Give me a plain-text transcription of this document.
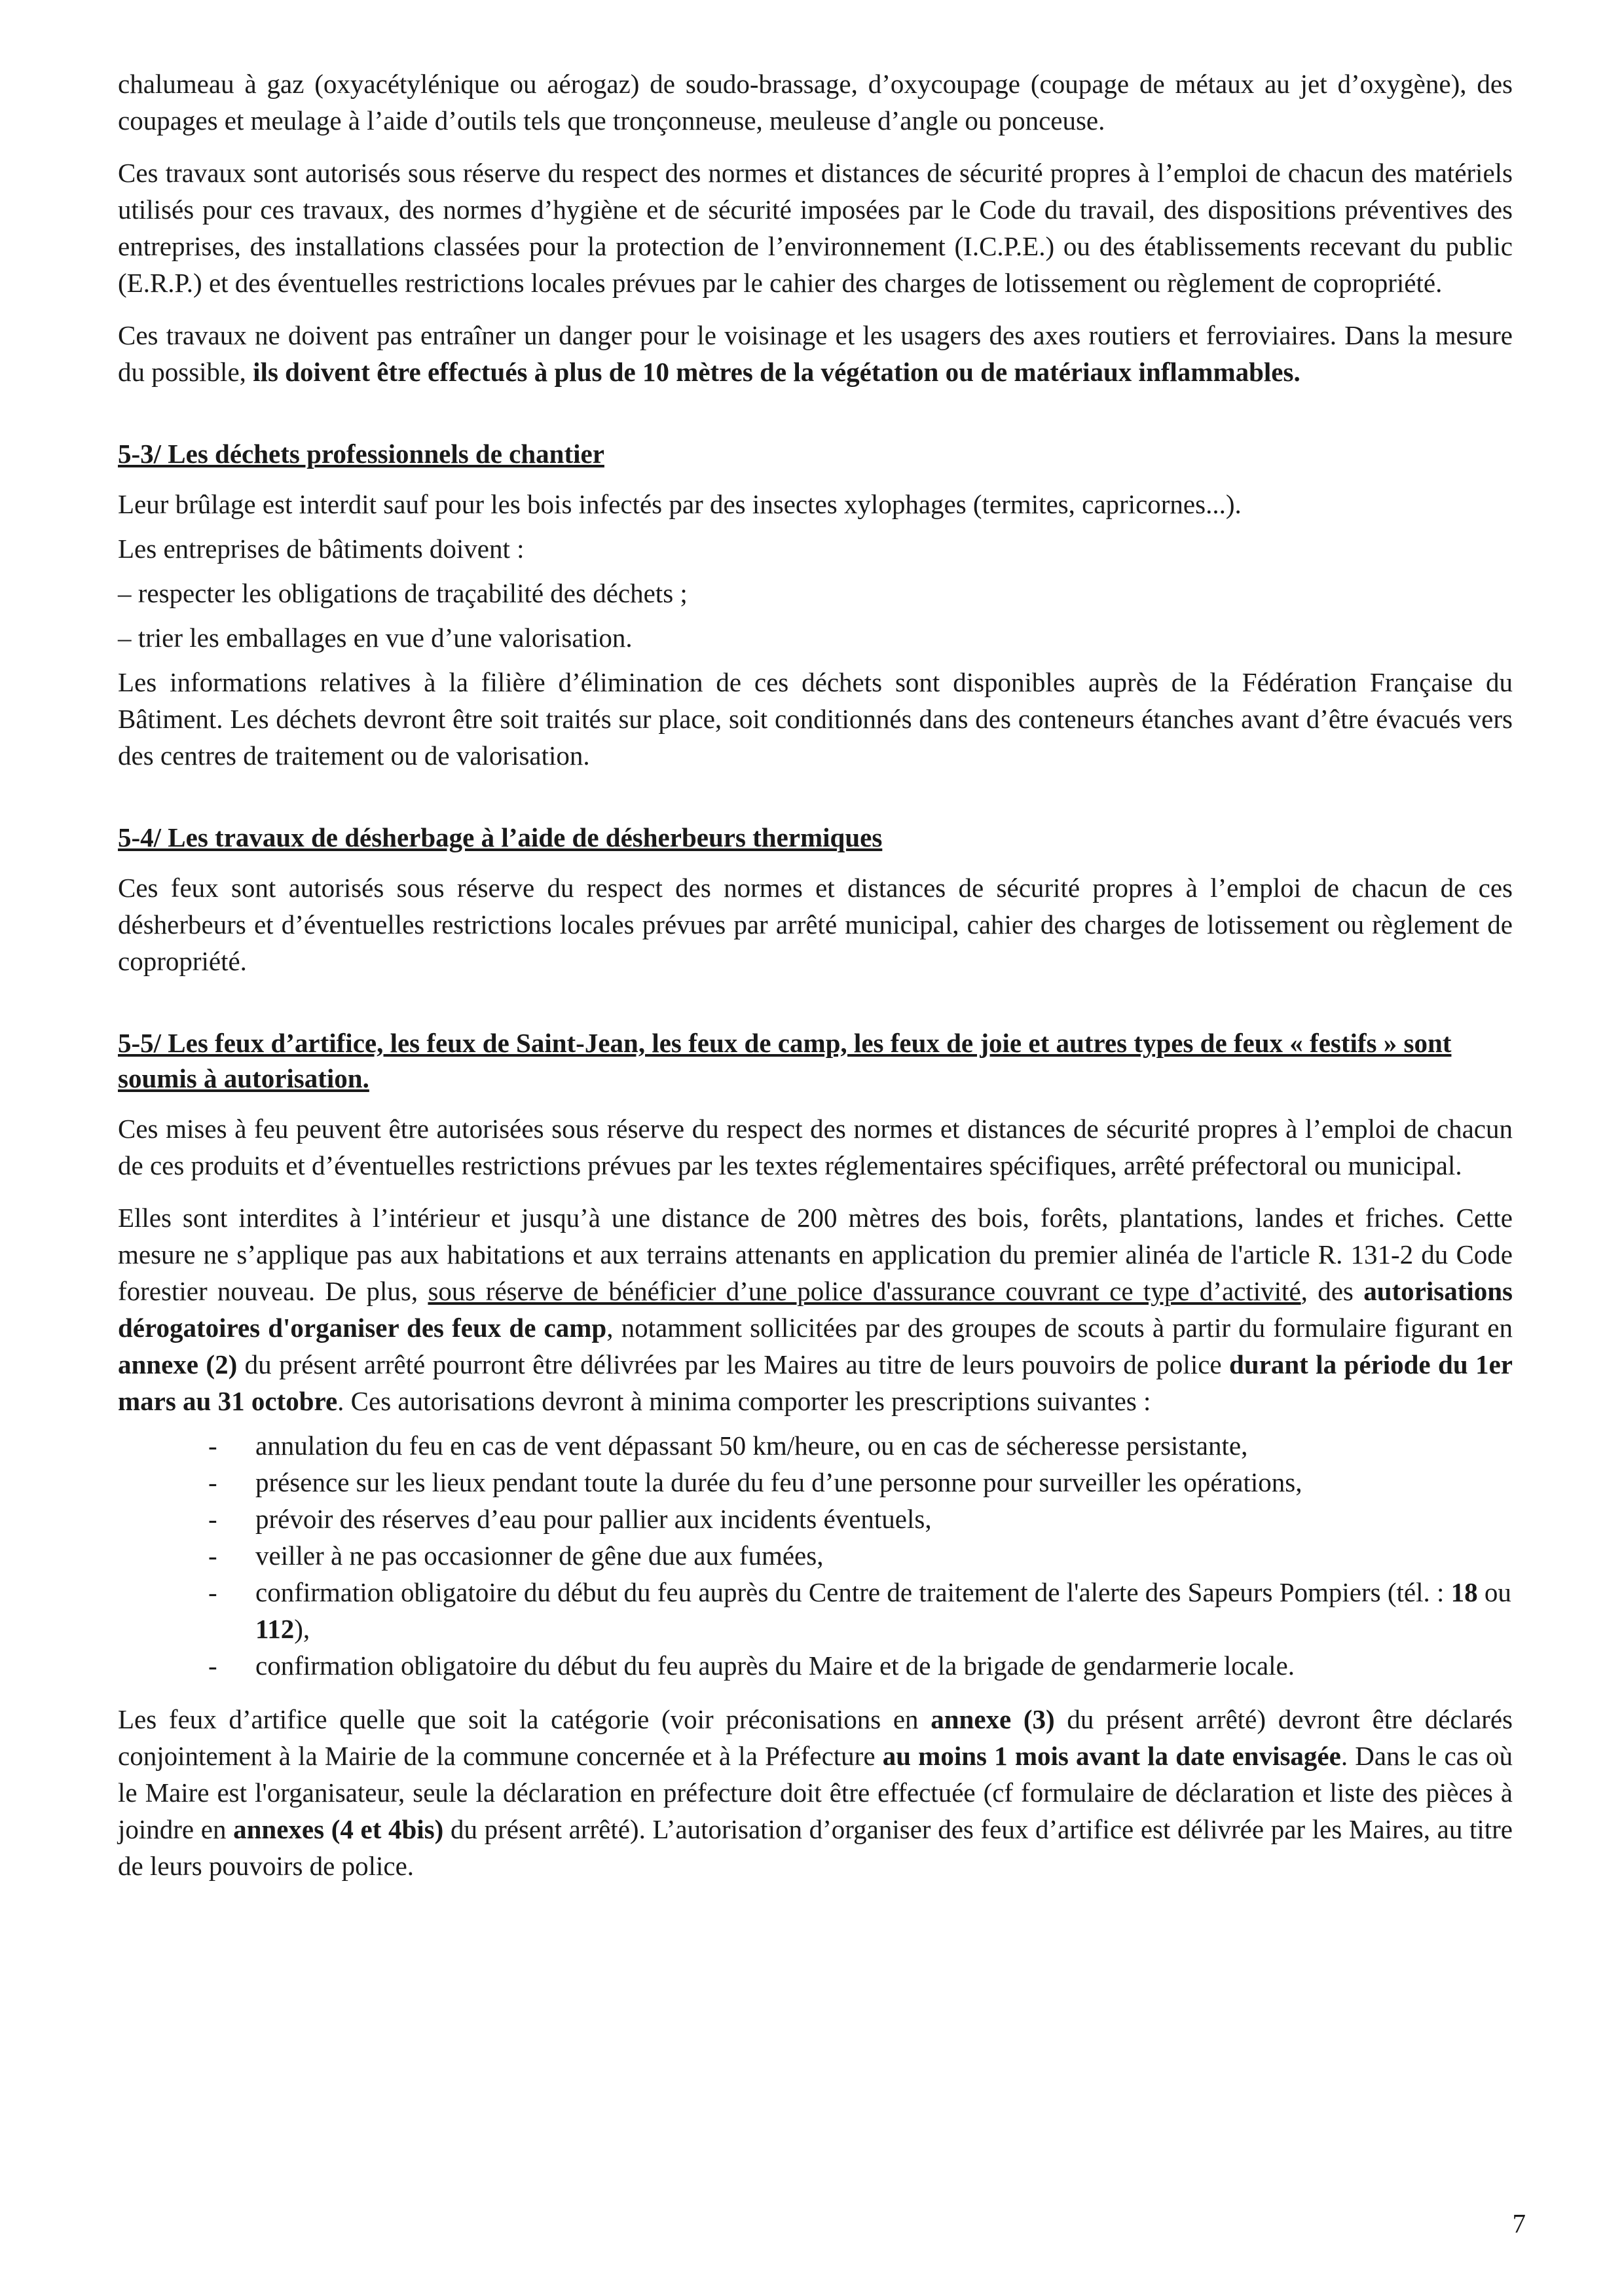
chalumeau à gaz (oxyacétylénique ou aérogaz) de soudo-brassage, d’oxycoupage (coupage de métaux au jet d’oxygène), des coupages et meulage à l’aide d’outils tels que tronçonneuse, meuleuse d’angle ou ponceuse.

Ces travaux sont autorisés sous réserve du respect des normes et distances de sécurité propres à l’emploi de chacun des matériels utilisés pour ces travaux, des normes d’hygiène et de sécurité imposées par le Code du travail, des dispositions préventives des entreprises, des installations classées pour la protection de l’environnement (I.C.P.E.) ou des établissements recevant du public (E.R.P.) et des éventuelles restrictions locales prévues par le cahier des charges de lotissement ou règlement de copropriété.

Ces travaux ne doivent pas entraîner un danger pour le voisinage et les usagers des axes routiers et ferroviaires. Dans la mesure du possible, ils doivent être effectués à plus de 10 mètres de la végétation ou de matériaux inflammables.

5-3/ Les déchets professionnels de chantier

Leur brûlage est interdit sauf pour les bois infectés par des insectes xylophages (termites, capricornes...).

Les entreprises de bâtiments doivent :

– respecter les obligations de traçabilité des déchets ;

– trier les emballages en vue d’une valorisation.

Les informations relatives à la filière d’élimination de ces déchets sont disponibles auprès de la Fédération Française du Bâtiment. Les déchets devront être soit traités sur place, soit conditionnés dans des conteneurs étanches avant d’être évacués vers des centres de traitement ou de valorisation.

5-4/ Les travaux de désherbage à l’aide de désherbeurs thermiques

Ces feux sont autorisés sous réserve du respect des normes et distances de sécurité propres à l’emploi de chacun de ces désherbeurs et d’éventuelles restrictions locales prévues par arrêté municipal, cahier des charges de lotissement ou règlement de copropriété.

5-5/ Les feux d’artifice, les feux de Saint-Jean, les feux de camp, les feux de joie et autres types de feux « festifs » sont soumis à autorisation.

Ces mises à feu peuvent être autorisées sous réserve du respect des normes et distances de sécurité propres à l’emploi de chacun de ces produits et d’éventuelles restrictions prévues par les textes réglementaires spécifiques, arrêté préfectoral ou municipal.

Elles sont interdites à l’intérieur et jusqu’à une distance de 200 mètres des bois, forêts, plantations, landes et friches. Cette mesure ne s’applique pas aux habitations et aux terrains attenants en application du premier alinéa de l'article R. 131-2 du Code forestier nouveau. De plus, sous réserve de bénéficier d’une police d'assurance couvrant ce type d’activité, des autorisations dérogatoires d'organiser des feux de camp, notamment sollicitées par des groupes de scouts à partir du formulaire figurant en annexe (2) du présent arrêté pourront être délivrées par les Maires au titre de leurs pouvoirs de police durant la période du 1er mars au 31 octobre. Ces autorisations devront à minima comporter les prescriptions suivantes :

- annulation du feu en cas de vent dépassant 50 km/heure, ou en cas de sécheresse persistante,
- présence sur les lieux pendant toute la durée du feu d’une personne pour surveiller les opérations,
- prévoir des réserves d’eau pour pallier aux incidents éventuels,
- veiller à ne pas occasionner de gêne due aux fumées,
- confirmation obligatoire du début du feu auprès du Centre de traitement de l'alerte des Sapeurs Pompiers (tél. : 18 ou 112),
- confirmation obligatoire du début du feu auprès du Maire et de la brigade de gendarmerie locale.

Les feux d’artifice quelle que soit la catégorie (voir préconisations en annexe (3) du présent arrêté) devront être déclarés conjointement à la Mairie de la commune concernée et à la Préfecture au moins 1 mois avant la date envisagée. Dans le cas où le Maire est l'organisateur, seule la déclaration en préfecture doit être effectuée (cf formulaire de déclaration et liste des pièces à joindre en annexes (4 et 4bis) du présent arrêté). L’autorisation d’organiser des feux d’artifice est délivrée par les Maires, au titre de leurs pouvoirs de police.

7
